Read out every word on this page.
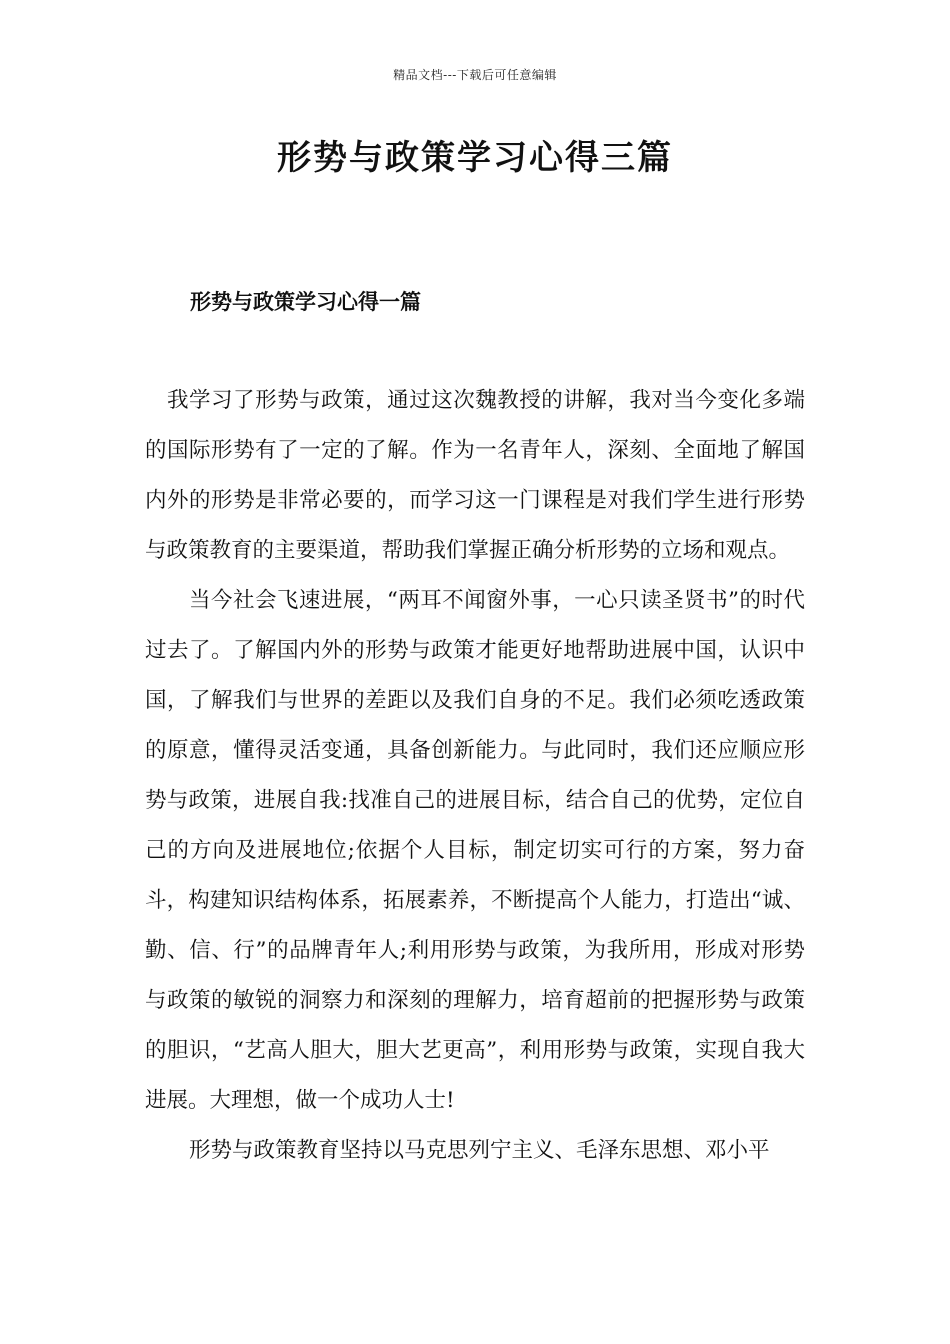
精品文档---下载后可任意编辑
形势与政策学习心得三篇
形势与政策学习心得一篇

我学习了形势与政策，通过这次魏教授的讲解，我对当今变化多端的国际形势有了一定的了解。作为一名青年人，深刻、全面地了解国内外的形势是非常必要的，而学习这一门课程是对我们学生进行形势与政策教育的主要渠道，帮助我们掌握正确分析形势的立场和观点。

当今社会飞速进展，“两耳不闻窗外事，一心只读圣贤书”的时代过去了。了解国内外的形势与政策才能更好地帮助进展中国，认识中国，了解我们与世界的差距以及我们自身的不足。我们必须吃透政策的原意，懂得灵活变通，具备创新能力。与此同时，我们还应顺应形势与政策，进展自我:找准自己的进展目标，结合自己的优势，定位自己的方向及进展地位;依据个人目标，制定切实可行的方案，努力奋斗，构建知识结构体系，拓展素养，不断提高个人能力，打造出“诚、勤、信、行”的品牌青年人;利用形势与政策，为我所用，形成对形势与政策的敏锐的洞察力和深刻的理解力，培育超前的把握形势与政策的胆识，“艺高人胆大，胆大艺更高”，利用形势与政策，实现自我大进展。大理想，做一个成功人士!

形势与政策教育坚持以马克思列宁主义、毛泽东思想、邓小平
